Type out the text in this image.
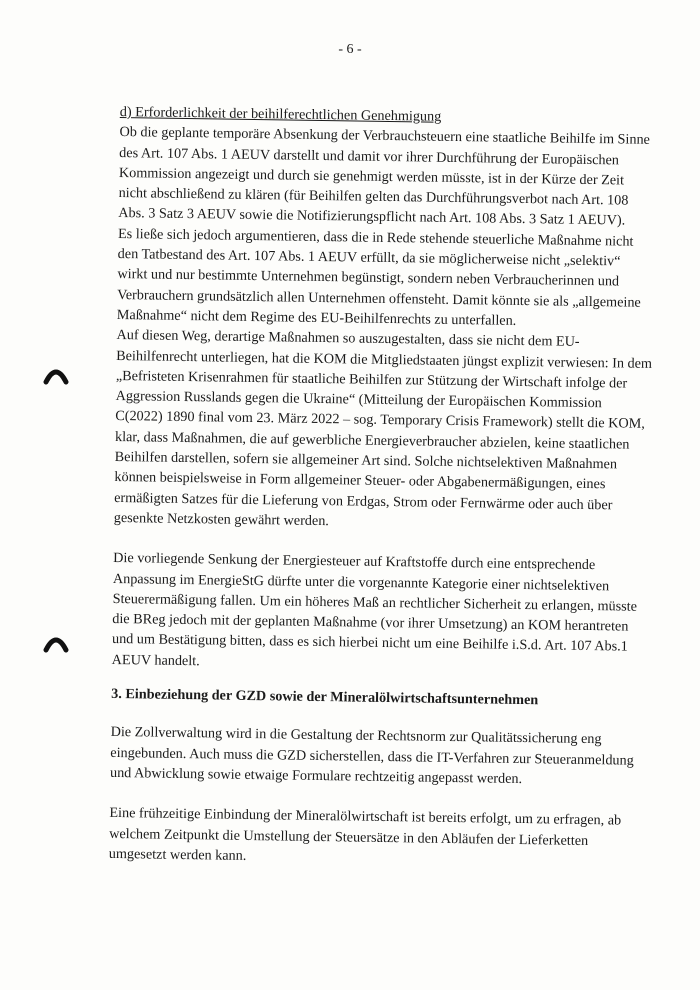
- 6 -
d) Erforderlichkeit der beihilferechtlichen Genehmigung
Ob die geplante temporäre Absenkung der Verbrauchsteuern eine staatliche Beihilfe im Sinne
des Art. 107 Abs. 1 AEUV darstellt und damit vor ihrer Durchführung der Europäischen
Kommission angezeigt und durch sie genehmigt werden müsste, ist in der Kürze der Zeit
nicht abschließend zu klären (für Beihilfen gelten das Durchführungsverbot nach Art. 108
Abs. 3 Satz 3 AEUV sowie die Notifizierungspflicht nach Art. 108 Abs. 3 Satz 1 AEUV).
Es ließe sich jedoch argumentieren, dass die in Rede stehende steuerliche Maßnahme nicht
den Tatbestand des Art. 107 Abs. 1 AEUV erfüllt, da sie möglicherweise nicht „selektiv“
wirkt und nur bestimmte Unternehmen begünstigt, sondern neben Verbraucherinnen und
Verbrauchern grundsätzlich allen Unternehmen offensteht. Damit könnte sie als „allgemeine
Maßnahme“ nicht dem Regime des EU-Beihilfenrechts zu unterfallen.
Auf diesen Weg, derartige Maßnahmen so auszugestalten, dass sie nicht dem EU-
Beihilfenrecht unterliegen, hat die KOM die Mitgliedstaaten jüngst explizit verwiesen: In dem
„Befristeten Krisenrahmen für staatliche Beihilfen zur Stützung der Wirtschaft infolge der
Aggression Russlands gegen die Ukraine“ (Mitteilung der Europäischen Kommission
C(2022) 1890 final vom 23. März 2022 – sog. Temporary Crisis Framework) stellt die KOM,
klar, dass Maßnahmen, die auf gewerbliche Energieverbraucher abzielen, keine staatlichen
Beihilfen darstellen, sofern sie allgemeiner Art sind. Solche nichtselektiven Maßnahmen
können beispielsweise in Form allgemeiner Steuer- oder Abgabenermäßigungen, eines
ermäßigten Satzes für die Lieferung von Erdgas, Strom oder Fernwärme oder auch über
gesenkte Netzkosten gewährt werden.
Die vorliegende Senkung der Energiesteuer auf Kraftstoffe durch eine entsprechende
Anpassung im EnergieStG dürfte unter die vorgenannte Kategorie einer nichtselektiven
Steuerermäßigung fallen. Um ein höheres Maß an rechtlicher Sicherheit zu erlangen, müsste
die BReg jedoch mit der geplanten Maßnahme (vor ihrer Umsetzung) an KOM herantreten
und um Bestätigung bitten, dass es sich hierbei nicht um eine Beihilfe i.S.d. Art. 107 Abs.1
AEUV handelt.
3. Einbeziehung der GZD sowie der Mineralölwirtschaftsunternehmen
Die Zollverwaltung wird in die Gestaltung der Rechtsnorm zur Qualitätssicherung eng
eingebunden. Auch muss die GZD sicherstellen, dass die IT-Verfahren zur Steueranmeldung
und Abwicklung sowie etwaige Formulare rechtzeitig angepasst werden.
Eine frühzeitige Einbindung der Mineralölwirtschaft ist bereits erfolgt, um zu erfragen, ab
welchem Zeitpunkt die Umstellung der Steuersätze in den Abläufen der Lieferketten
umgesetzt werden kann.
